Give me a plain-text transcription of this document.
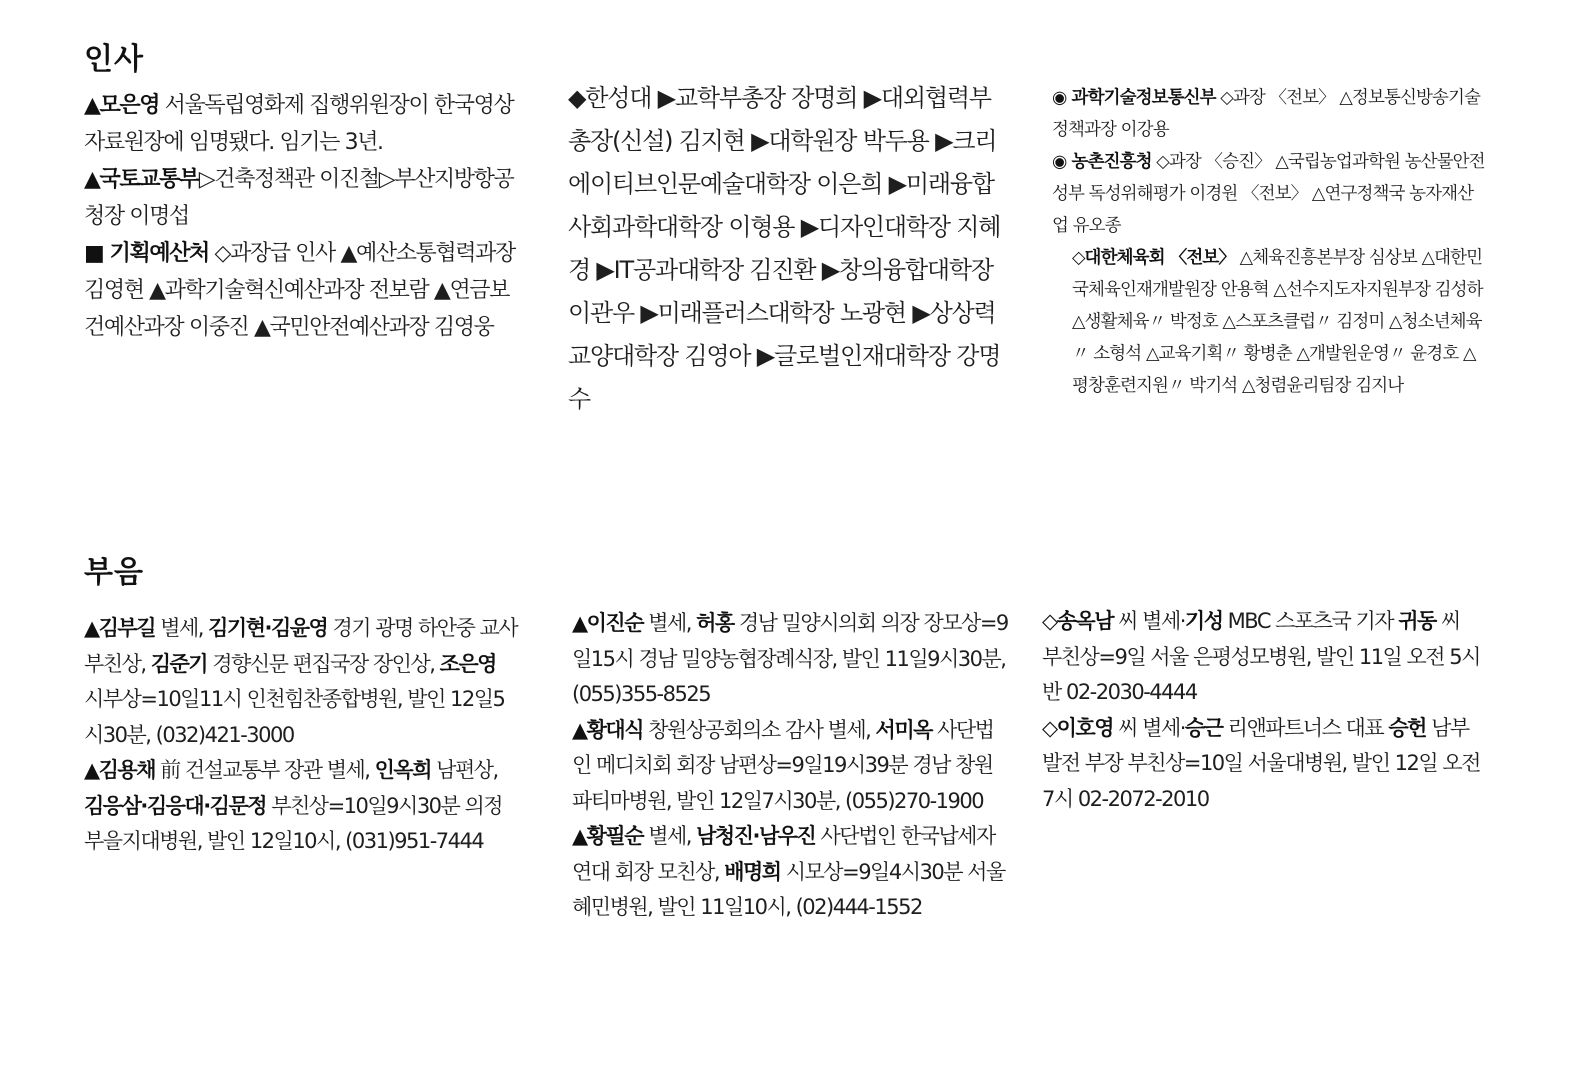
인사

▲모은영 서울독립영화제 집행위원장이 한국영상자료원장에 임명됐다. 임기는 3년.

▲국토교통부▷건축정책관 이진철▷부산지방항공청장 이명섭

■ 기획예산처 ◇과장급 인사 ▲예산소통협력과장 김영현 ▲과학기술혁신예산과장 전보람 ▲연금보건예산과장 이중진 ▲국민안전예산과장 김영웅

◆한성대 ▶교학부총장 장명희 ▶대외협력부총장(신설) 김지현 ▶대학원장 박두용 ▶크리에이티브인문예술대학장 이은희 ▶미래융합사회과학대학장 이형용 ▶디자인대학장 지혜경 ▶IT공과대학장 김진환 ▶창의융합대학장 이관우 ▶미래플러스대학장 노광현 ▶상상력교양대학장 김영아 ▶글로벌인재대학장 강명수

◉ 과학기술정보통신부 ◇과장 〈전보〉 △정보통신방송기술정책과장 이강용

◉ 농촌진흥청 ◇과장 〈승진〉 △국립농업과학원 농산물안전성부 독성위해평가 이경원 〈전보〉 △연구정책국 농자재산업 유오종

◇대한체육회 〈전보〉 △체육진흥본부장 심상보 △대한민국체육인재개발원장 안용혁 △선수지도자지원부장 김성하 △생활체육〃 박정호 △스포츠클럽〃 김정미 △청소년체육〃 소형석 △교육기획〃 황병춘 △개발원운영〃 윤경호 △평창훈련지원〃 박기석 △청렴윤리팀장 김지나

부음

▲김부길 별세, 김기현·김윤영 경기 광명 하안중 교사 부친상, 김준기 경향신문 편집국장 장인상, 조은영 시부상=10일11시 인천힘찬종합병원, 발인 12일5시30분, (032)421-3000

▲김용채 前 건설교통부 장관 별세, 인옥희 남편상, 김응삼·김응대·김문정 부친상=10일9시30분 의정부을지대병원, 발인 12일10시, (031)951-7444

▲이진순 별세, 허홍 경남 밀양시의회 의장 장모상=9일15시 경남 밀양농협장례식장, 발인 11일9시30분, (055)355-8525

▲황대식 창원상공회의소 감사 별세, 서미옥 사단법인 메디치회 회장 남편상=9일19시39분 경남 창원파티마병원, 발인 12일7시30분, (055)270-1900

▲황필순 별세, 남청진·남우진 사단법인 한국납세자연대 회장 모친상, 배명희 시모상=9일4시30분 서울 혜민병원, 발인 11일10시, (02)444-1552

◇송옥남 씨 별세·기성 MBC 스포츠국 기자 귀동 씨 부친상=9일 서울 은평성모병원, 발인 11일 오전 5시 반 02-2030-4444

◇이호영 씨 별세·승근 리앤파트너스 대표 승헌 남부발전 부장 부친상=10일 서울대병원, 발인 12일 오전 7시 02-2072-2010
